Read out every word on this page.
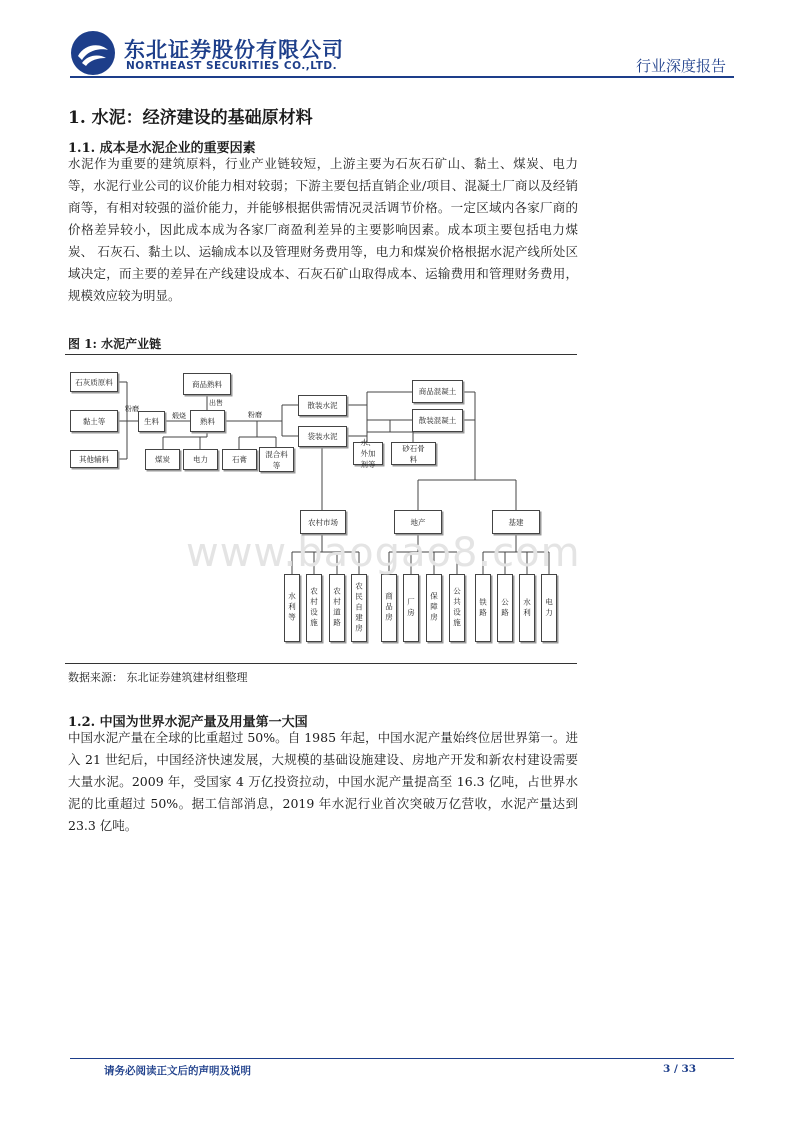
东北证券股份有限公司
NORTHEAST SECURITIES CO.,LTD.	行业深度报告
1. 水泥：经济建设的基础原材料
1.1. 成本是水泥企业的重要因素
水泥作为重要的建筑原料，行业产业链较短，上游主要为石灰石矿山、黏土、煤炭、电力等，水泥行业公司的议价能力相对较弱；下游主要包括直销企业/项目、混凝土厂商以及经销商等，有相对较强的溢价能力，并能够根据供需情况灵活调节价格。一定区域内各家厂商的价格差异较小，因此成本成为各家厂商盈利差异的主要影响因素。成本项主要包括电力煤炭、 石灰石、黏土以、运输成本以及管理财务费用等，电力和煤炭价格根据水泥产线所处区域决定，而主要的差异在产线建设成本、石灰石矿山取得成本、运输费用和管理财务费用，规模效应较为明显。
图 1: 水泥产业链
石灰质原料
黏土等
其他辅料
生料	熟料
商品熟料
煤炭	电力	石膏
混合料等
散装水泥
袋装水泥
商品混凝土
散装混凝土
水、外加剂等
砂石骨料
农村市场	地产	基建
水利等	农村设施	农村道路	农民自建房	商品房	厂房	保障房	公共设施	铁路	公路	水利	电力
粉磨
煅烧
出售
粉磨
www.baogao8.com
数据来源： 东北证券建筑建材组整理
1.2. 中国为世界水泥产量及用量第一大国
中国水泥产量在全球的比重超过 50%。自 1985 年起，中国水泥产量始终位居世界第一。进入 21 世纪后，中国经济快速发展，大规模的基础设施建设、房地产开发和新农村建设需要大量水泥。2009 年，受国家 4 万亿投资拉动，中国水泥产量提高至 16.3 亿吨，占世界水泥的比重超过 50%。据工信部消息，2019 年水泥行业首次突破万亿营收，水泥产量达到 23.3 亿吨。
请务必阅读正文后的声明及说明	3 / 33
